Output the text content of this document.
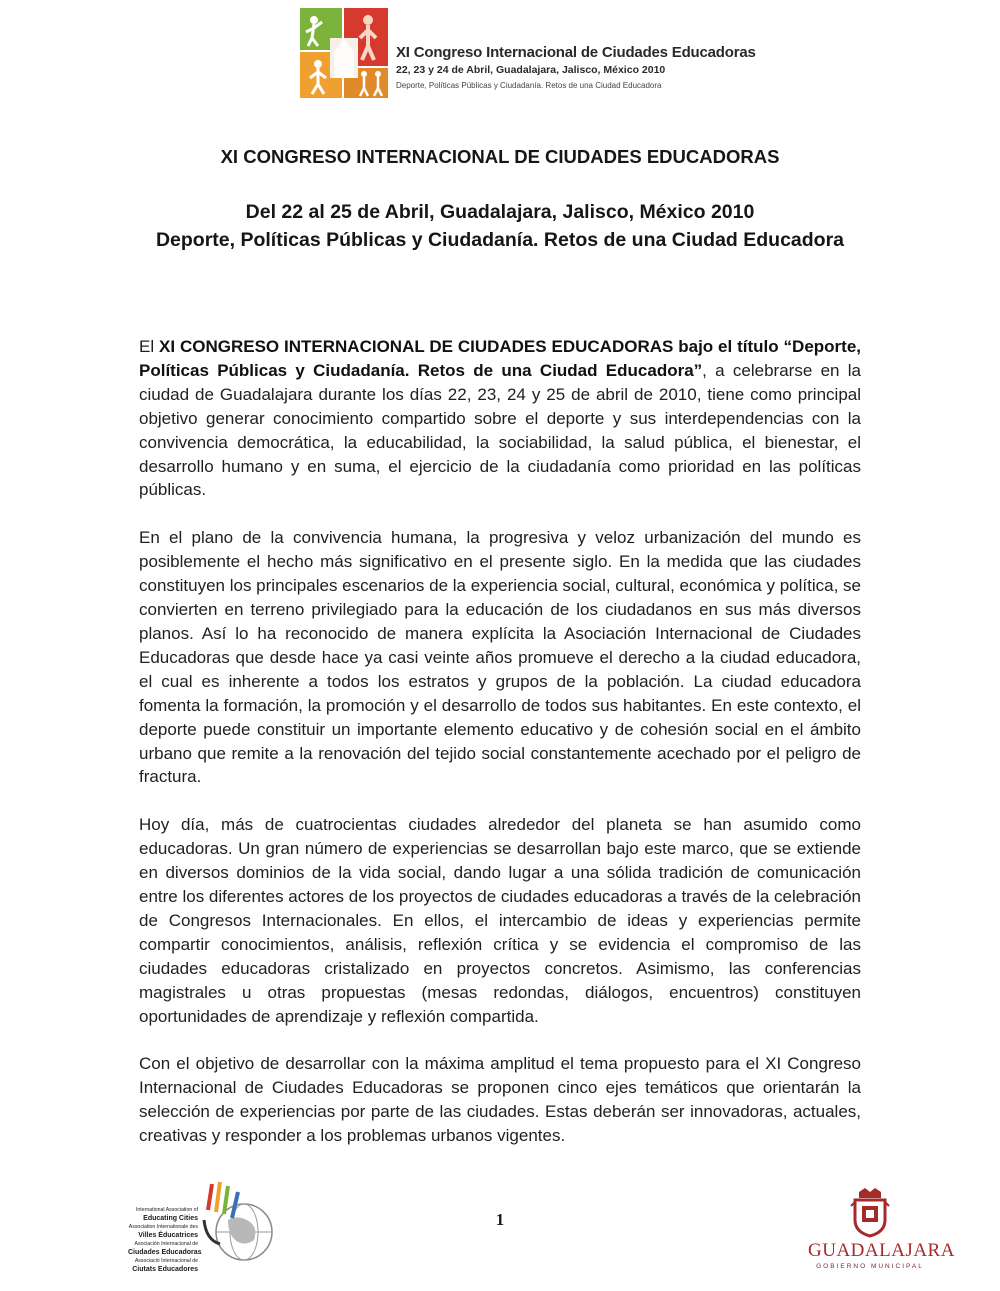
XI Congreso Internacional de Ciudades Educadoras
22, 23 y 24 de Abril, Guadalajara, Jalisco, México 2010
Deporte, Políticas Públicas y Ciudadanía. Retos de una Ciudad Educadora
XI CONGRESO INTERNACIONAL DE CIUDADES EDUCADORAS
Del 22 al 25 de Abril, Guadalajara, Jalisco, México 2010
Deporte, Políticas Públicas y Ciudadanía. Retos de una Ciudad Educadora

El XI CONGRESO INTERNACIONAL DE CIUDADES EDUCADORAS bajo el título “Deporte, Políticas Públicas y Ciudadanía. Retos de una Ciudad Educadora”, a celebrarse en la ciudad de Guadalajara durante los días 22, 23, 24 y 25 de abril de 2010, tiene como principal objetivo generar conocimiento compartido sobre el deporte y sus interdependencias con la convivencia democrática, la educabilidad, la sociabilidad, la salud pública, el bienestar, el desarrollo humano y en suma, el ejercicio de la ciudadanía como prioridad en las políticas públicas.

En el plano de la convivencia humana, la progresiva y veloz urbanización del mundo es posiblemente el hecho más significativo en el presente siglo. En la medida que las ciudades constituyen los principales escenarios de la experiencia social, cultural, económica y política, se convierten en terreno privilegiado para la educación de los ciudadanos en sus más diversos planos. Así lo ha reconocido de manera explícita la Asociación Internacional de Ciudades Educadoras que desde hace ya casi veinte años promueve el derecho a la ciudad educadora, el cual es inherente a todos los estratos y grupos de la población. La ciudad educadora fomenta la formación, la promoción y el desarrollo de todos sus habitantes. En este contexto, el deporte puede constituir un importante elemento educativo y de cohesión social en el ámbito urbano que remite a la renovación del tejido social constantemente acechado por el peligro de fractura.

Hoy día, más de cuatrocientas ciudades alrededor del planeta se han asumido como educadoras. Un gran número de experiencias se desarrollan bajo este marco, que se extiende en diversos dominios de la vida social, dando lugar a una sólida tradición de comunicación entre los diferentes actores de los proyectos de ciudades educadoras a través de la celebración de Congresos Internacionales. En ellos, el intercambio de ideas y experiencias permite compartir conocimientos, análisis, reflexión crítica y se evidencia el compromiso de las ciudades educadoras cristalizado en proyectos concretos. Asimismo, las conferencias magistrales u otras propuestas (mesas redondas, diálogos, encuentros) constituyen oportunidades de aprendizaje y reflexión compartida.

Con el objetivo de desarrollar con la máxima amplitud el tema propuesto para el XI Congreso Internacional de Ciudades Educadoras se proponen cinco ejes temáticos que orientarán la selección de experiencias por parte de las ciudades. Estas deberán ser innovadoras, actuales, creativas y responder a los problemas urbanos vigentes.

International Association of
Educating Cities
Association Internationale des
Villes Éducatrices
Asociación Internacional de
Ciudades Educadoras
Associació Internacional de
Ciutats Educadores
1
GUADALAJARA
GOBIERNO MUNICIPAL
